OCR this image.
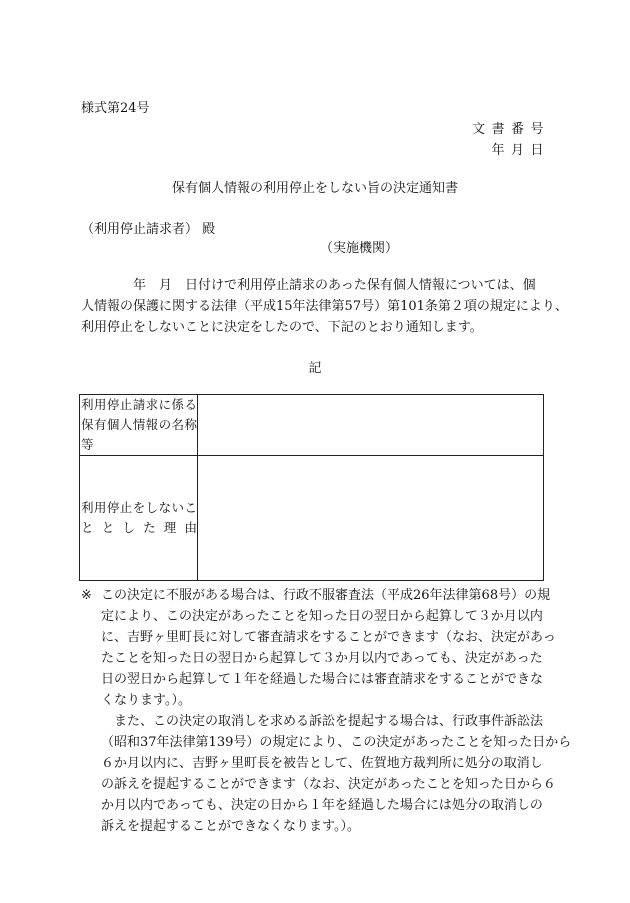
様式第24号
文書番号
年月日
保有個人情報の利用停止をしない旨の決定通知書
（利用停止請求者） 殿
（実施機関）

　　　　年　月　日付けで利用停止請求のあった保有個人情報については、個

人情報の保護に関する法律（平成15年法律第57号）第101条第２項の規定により、

利用停止をしないことに決定をしたので、下記のとおり通知します。

記
利用停止請求に係る保有個人情報の名称等	
利用停止をしないこととした理由	

※ この決定に不服がある場合は、行政不服審査法（平成26年法律第68号）の規

定により、この決定があったことを知った日の翌日から起算して３か月以内

に、吉野ヶ里町長に対して審査請求をすることができます（なお、決定があっ

たことを知った日の翌日から起算して３か月以内であっても、決定があった

日の翌日から起算して１年を経過した場合には審査請求をすることができな

くなります。）。

　また、この決定の取消しを求める訴訟を提起する場合は、行政事件訴訟法

（昭和37年法律第139号）の規定により、この決定があったことを知った日から

６か月以内に、吉野ヶ里町長を被告として、佐賀地方裁判所に処分の取消し

の訴えを提起することができます（なお、決定があったことを知った日から６

か月以内であっても、決定の日から１年を経過した場合には処分の取消しの

訴えを提起することができなくなります。）。
